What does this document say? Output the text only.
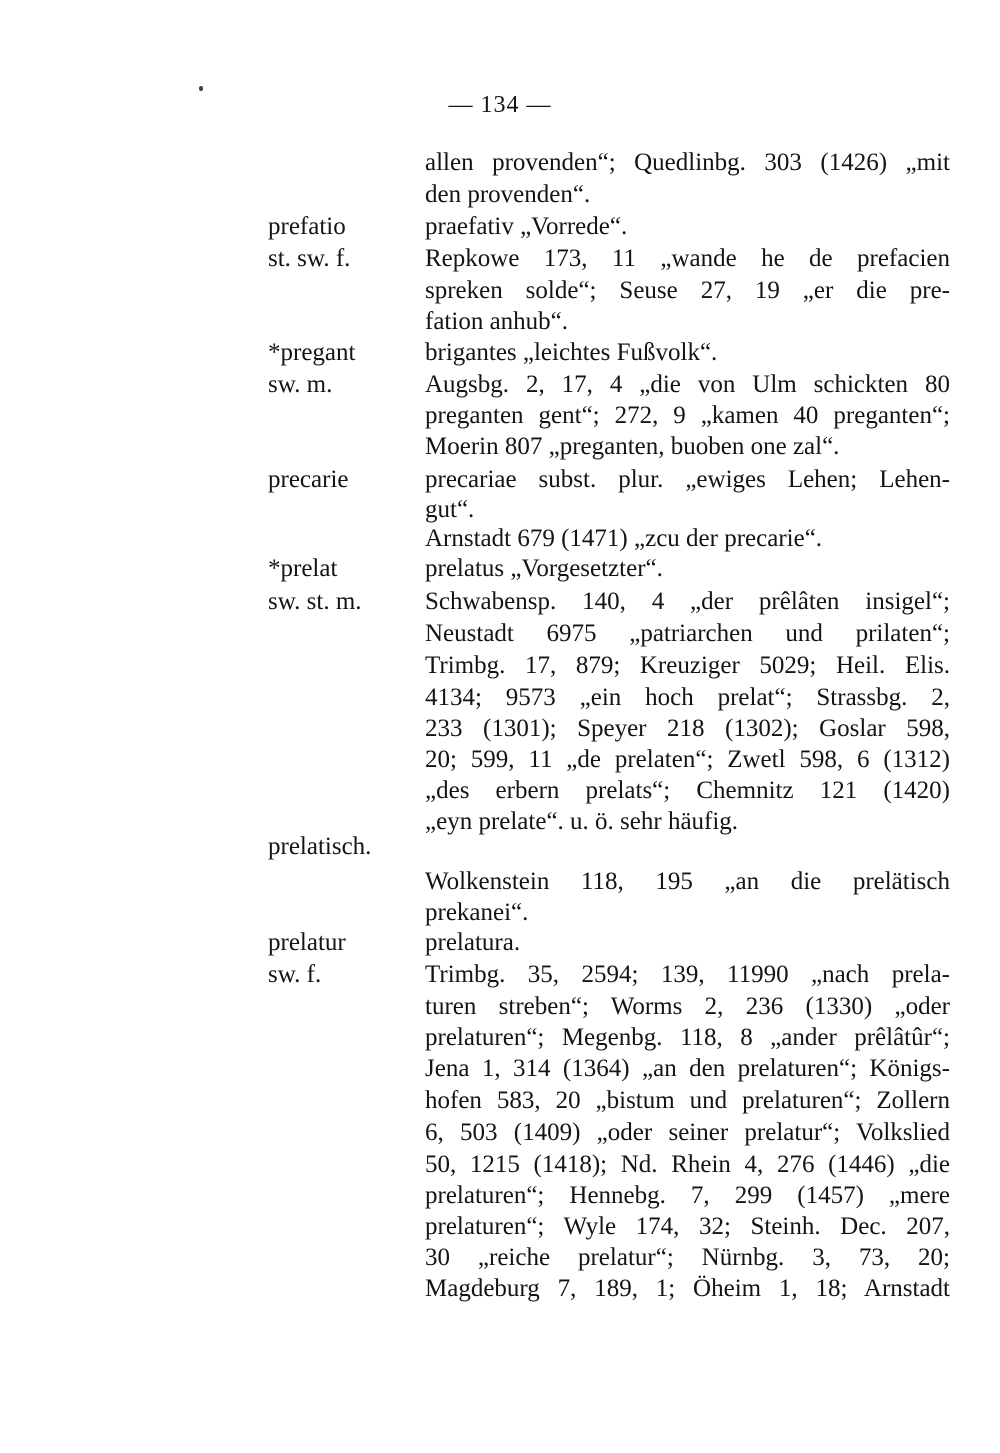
— 134 —
prefatio
st. sw. f.
*pregant
sw. m.
precarie
*prelat
sw. st. m.
prelatisch.
prelatur
sw. f.
allen provenden“; Quedlinbg. 303 (1426) „mit
den provenden“.
praefativ „Vorrede“.
Repkowe 173, 11 „wande he de prefacien
spreken solde“; Seuse 27, 19 „er die pre-
fation anhub“.
brigantes „leichtes Fußvolk“.
Augsbg. 2, 17, 4 „die von Ulm schickten 80
preganten gent“; 272, 9 „kamen 40 preganten“;
Moerin 807 „preganten, buoben one zal“.
precariae subst. plur. „ewiges Lehen; Lehen-
gut“.
Arnstadt 679 (1471) „zcu der precarie“.
prelatus „Vorgesetzter“.
Schwabensp. 140, 4 „der prêlâten insigel“;
Neustadt 6975 „patriarchen und prilaten“;
Trimbg. 17, 879; Kreuziger 5029; Heil. Elis.
4134; 9573 „ein hoch prelat“; Strassbg. 2,
233 (1301); Speyer 218 (1302); Goslar 598,
20; 599, 11 „de prelaten“; Zwetl 598, 6 (1312)
„des erbern prelats“; Chemnitz 121 (1420)
„eyn prelate“. u. ö. sehr häufig.
Wolkenstein 118, 195 „an die prelätisch
prekanei“.
prelatura.
Trimbg. 35, 2594; 139, 11990 „nach prela-
turen streben“; Worms 2, 236 (1330) „oder
prelaturen“; Megenbg. 118, 8 „ander prêlâtûr“;
Jena 1, 314 (1364) „an den prelaturen“; Königs-
hofen 583, 20 „bistum und prelaturen“; Zollern
6, 503 (1409) „oder seiner prelatur“; Volkslied
50, 1215 (1418); Nd. Rhein 4, 276 (1446) „die
prelaturen“; Hennebg. 7, 299 (1457) „mere
prelaturen“; Wyle 174, 32; Steinh. Dec. 207,
30 „reiche prelatur“; Nürnbg. 3, 73, 20;
Magdeburg 7, 189, 1; Öheim 1, 18; Arnstadt
